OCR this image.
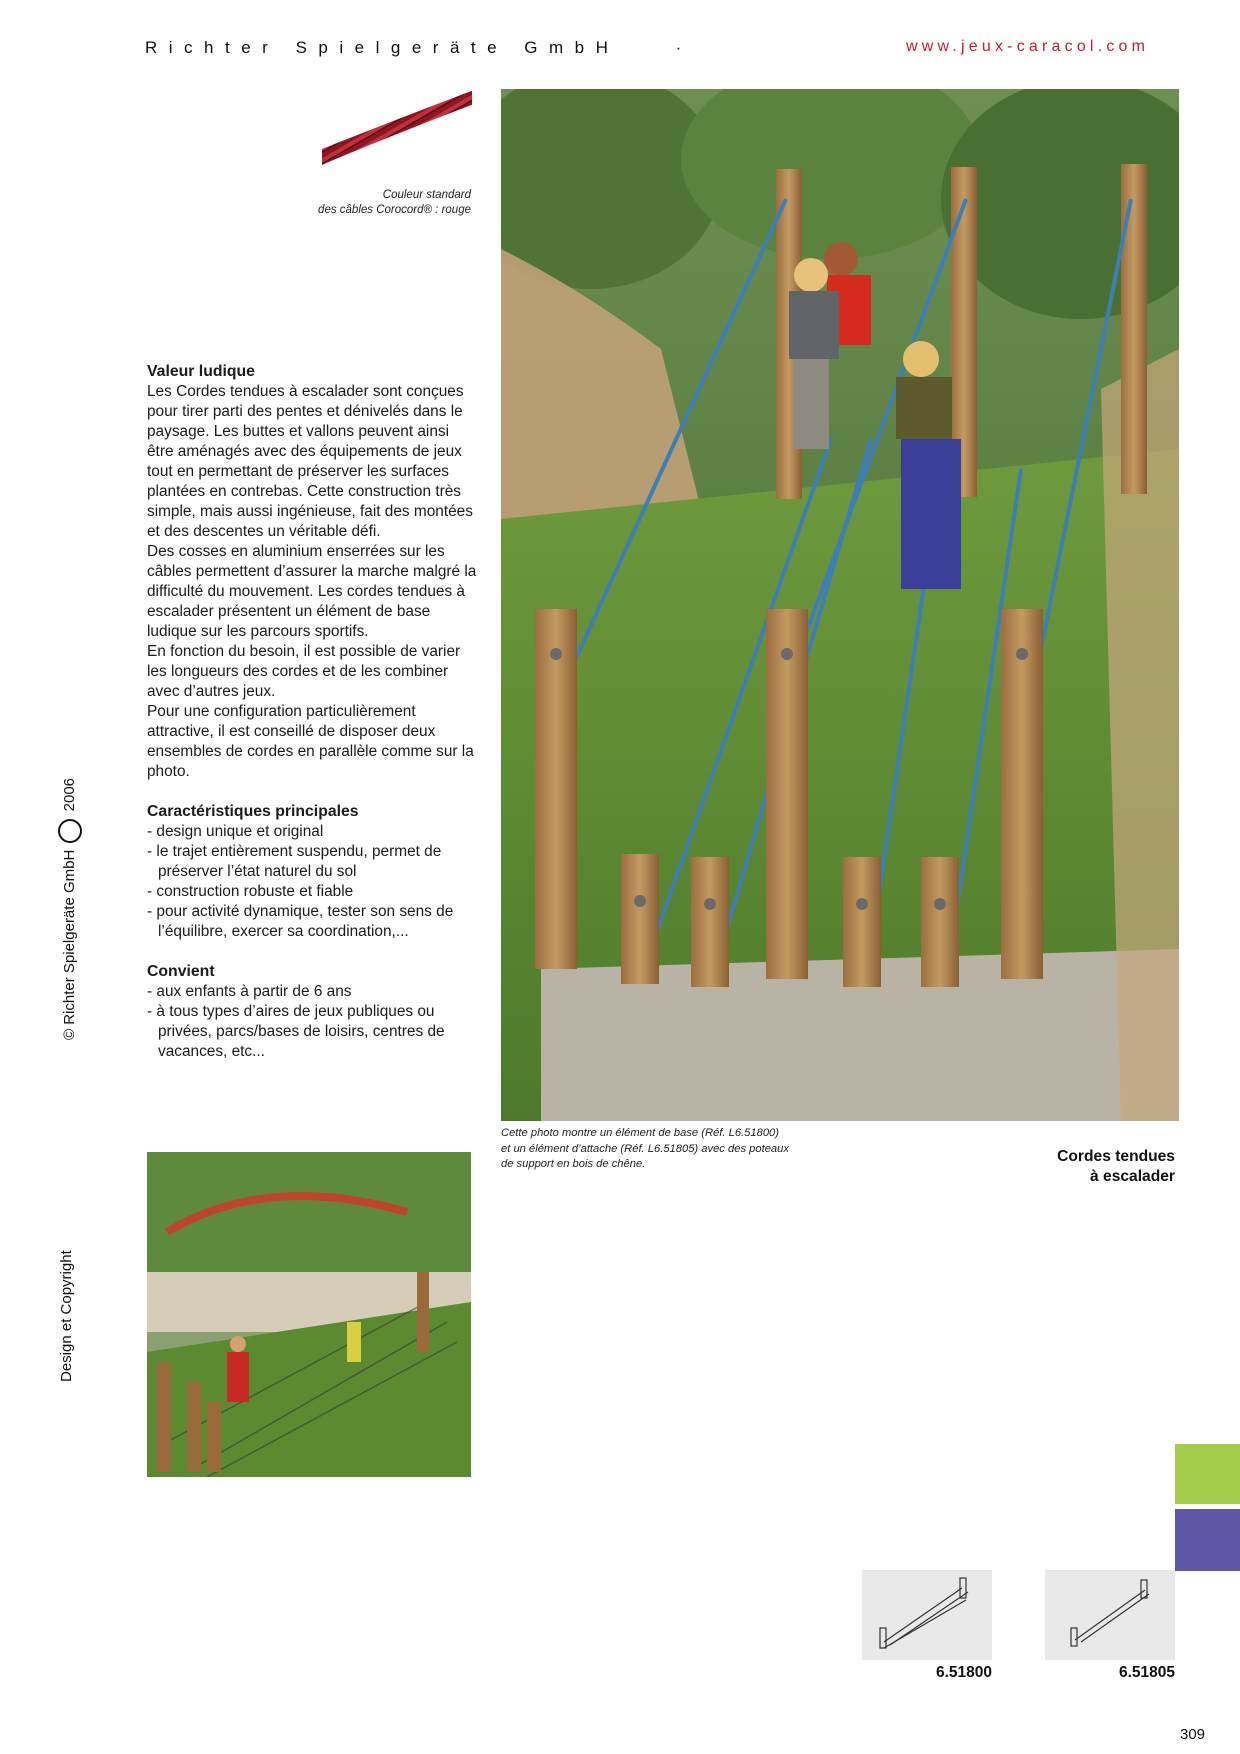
Richter Spielgeräte GmbH	·	www.jeux-caracol.com
Couleur standard
des câbles Corocord® : rouge
Valeur ludique

Les Cordes tendues à escalader sont conçues pour tirer parti des pentes et dénivelés dans le paysage. Les buttes et vallons peuvent ainsi être aménagés avec des équipements de jeux tout en permettant de préserver les surfaces plantées en contrebas. Cette construction très simple, mais aussi ingénieuse, fait des montées et des descentes un véritable défi.

Des cosses en aluminium enserrées sur les câbles permettent d’assurer la marche malgré la difficulté du mouvement. Les cordes tendues à escalader présentent un élément de base ludique sur les parcours sportifs.

En fonction du besoin, il est possible de varier les longueurs des cordes et de les combiner avec d’autres jeux.

Pour une configuration particulièrement attractive, il est conseillé de disposer deux ensembles de cordes en parallèle comme sur la photo.

Caractéristiques principales
- design unique et original
- le trajet entièrement suspendu, permet de préserver l’état naturel du sol
- construction robuste et fiable
- pour activité dynamique, tester son sens de l’équilibre, exercer sa coordination,...
Convient
- aux enfants à partir de 6 ans
- à tous types d’aires de jeux publiques ou privées, parcs/bases de loisirs, centres de vacances, etc...
Cette photo montre un élément de base (Réf. L6.51800)
et un élément d’attache (Réf. L6.51805) avec des poteaux
de support en bois de chêne.	Cordes tendues
à escalader
© Richter Spielgeräte GmbH  2006
Design et Copyright
6.51800	6.51805
309
